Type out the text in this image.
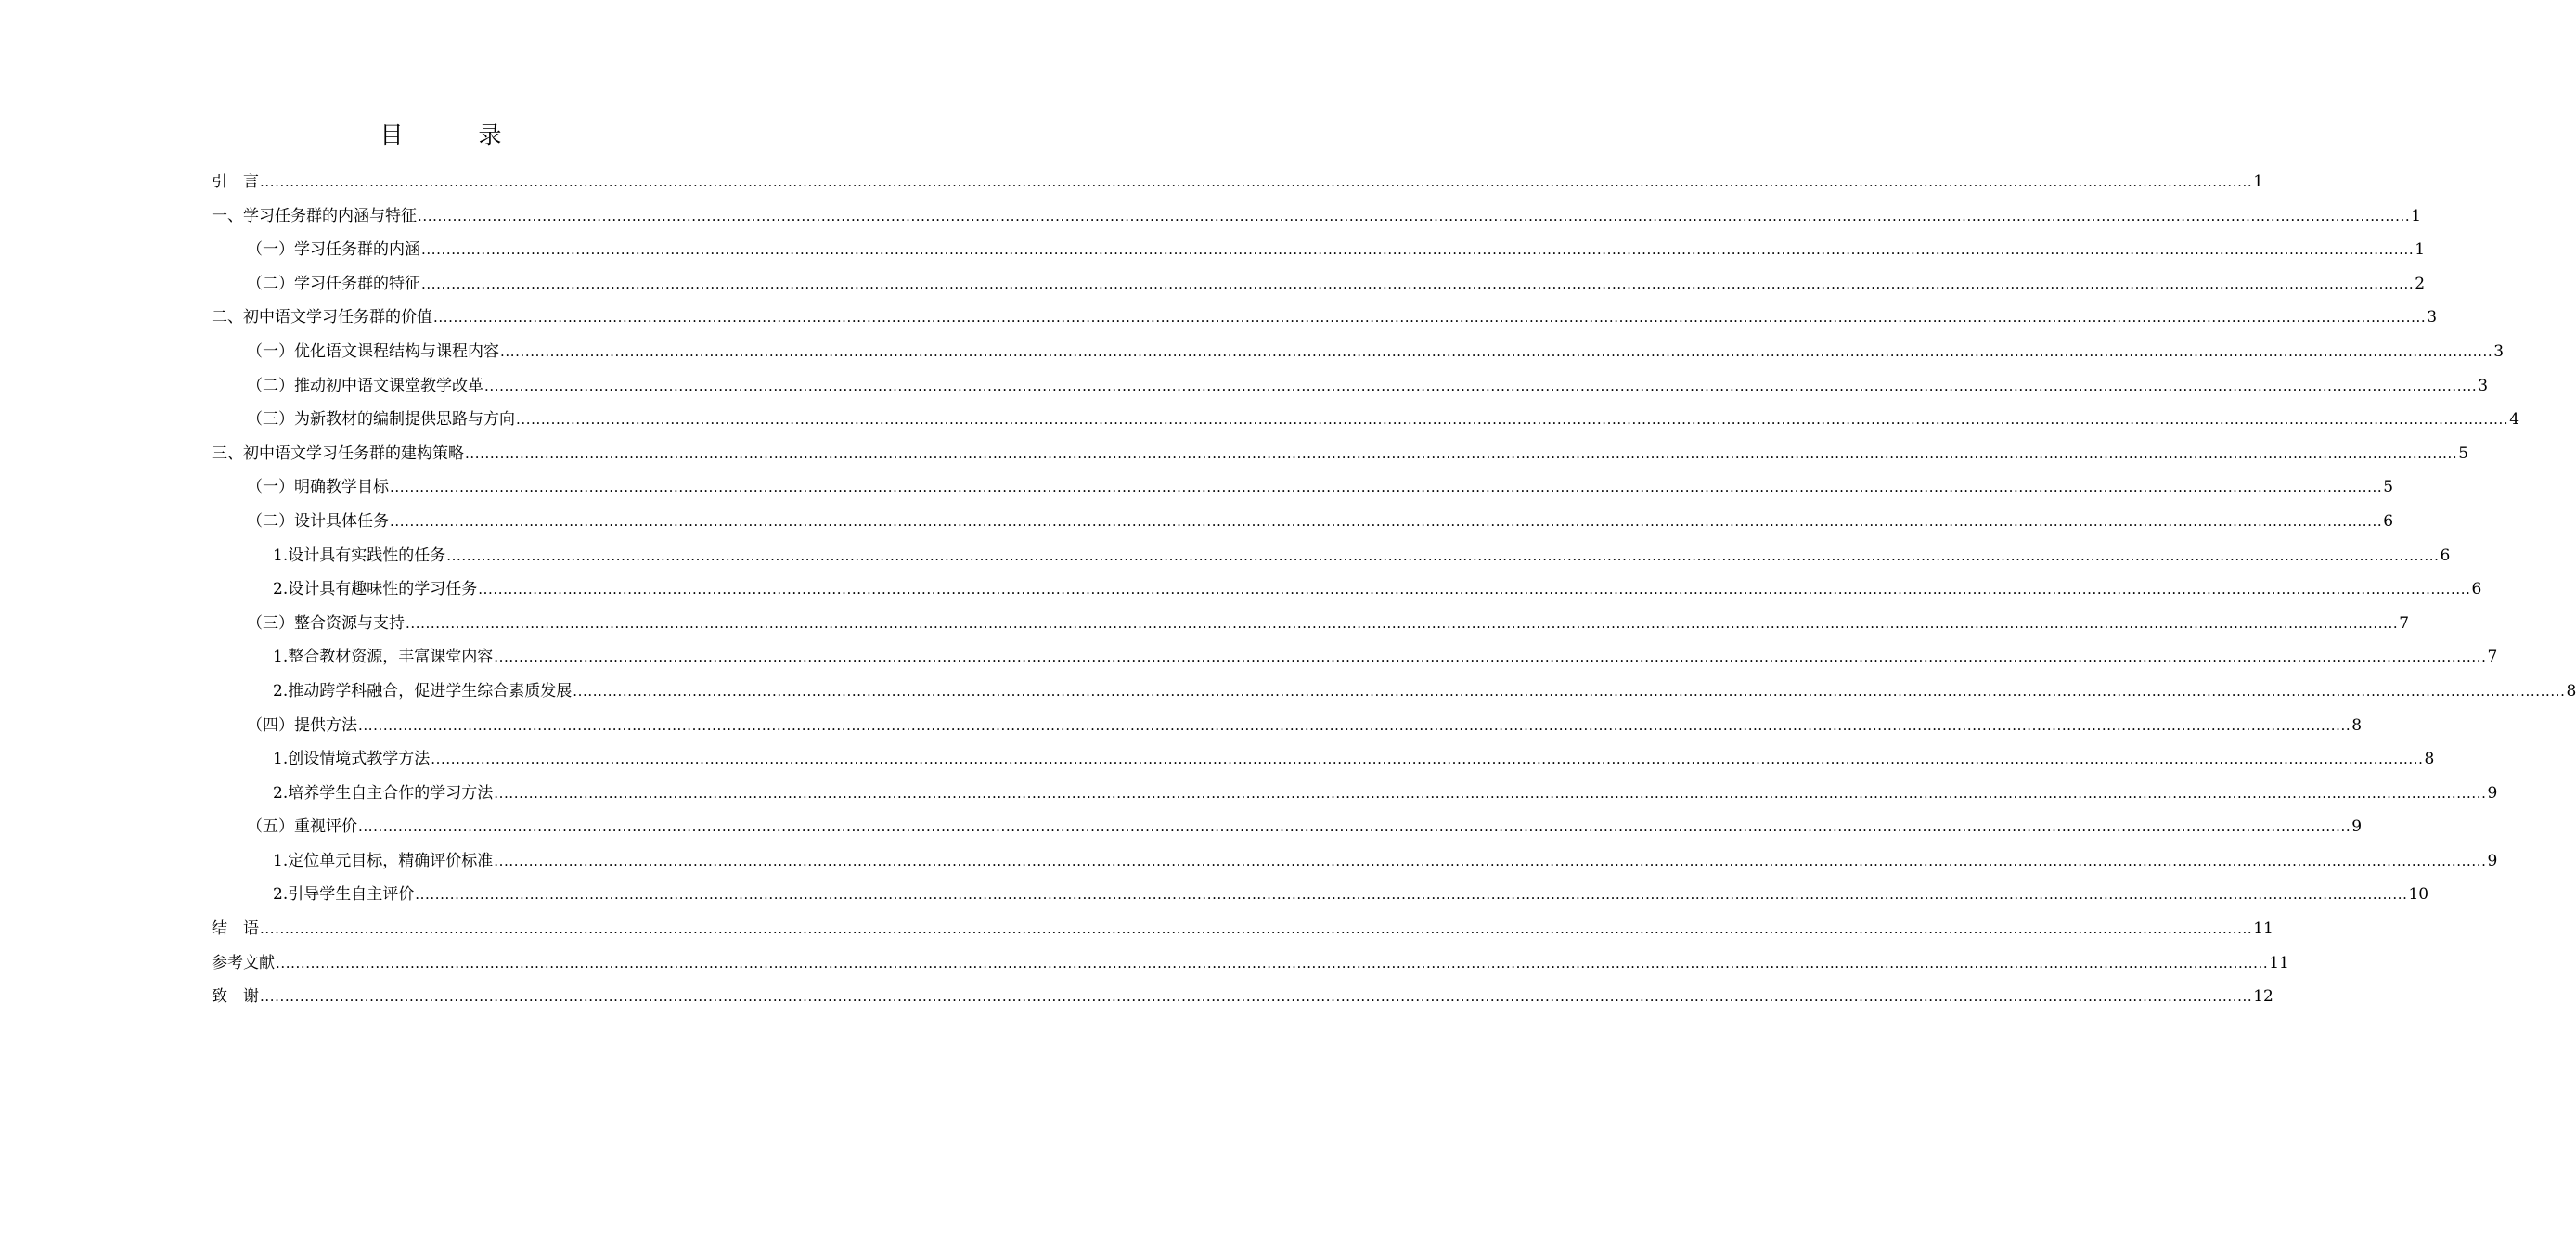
目　录
引　言 ................................................................................................................................................................................................................................................................................................................................................................................................................ 1
一、学习任务群的内涵与特征 ................................................................................................................................................................................................................................................................................................................................................................................................................ 1
（一）学习任务群的内涵 ................................................................................................................................................................................................................................................................................................................................................................................................................ 1
（二）学习任务群的特征 ................................................................................................................................................................................................................................................................................................................................................................................................................ 2
二、初中语文学习任务群的价值 ................................................................................................................................................................................................................................................................................................................................................................................................................ 3
（一）优化语文课程结构与课程内容 ................................................................................................................................................................................................................................................................................................................................................................................................................ 3
（二）推动初中语文课堂教学改革 ................................................................................................................................................................................................................................................................................................................................................................................................................ 3
（三）为新教材的编制提供思路与方向 ................................................................................................................................................................................................................................................................................................................................................................................................................ 4
三、初中语文学习任务群的建构策略 ................................................................................................................................................................................................................................................................................................................................................................................................................ 5
（一）明确教学目标 ................................................................................................................................................................................................................................................................................................................................................................................................................ 5
（二）设计具体任务 ................................................................................................................................................................................................................................................................................................................................................................................................................ 6
1.设计具有实践性的任务 ................................................................................................................................................................................................................................................................................................................................................................................................................ 6
2.设计具有趣味性的学习任务 ................................................................................................................................................................................................................................................................................................................................................................................................................ 6
（三）整合资源与支持 ................................................................................................................................................................................................................................................................................................................................................................................................................ 7
1.整合教材资源，丰富课堂内容 ................................................................................................................................................................................................................................................................................................................................................................................................................ 7
2.推动跨学科融合，促进学生综合素质发展 ................................................................................................................................................................................................................................................................................................................................................................................................................ 8
（四）提供方法 ................................................................................................................................................................................................................................................................................................................................................................................................................ 8
1.创设情境式教学方法 ................................................................................................................................................................................................................................................................................................................................................................................................................ 8
2.培养学生自主合作的学习方法 ................................................................................................................................................................................................................................................................................................................................................................................................................ 9
（五）重视评价 ................................................................................................................................................................................................................................................................................................................................................................................................................ 9
1.定位单元目标，精确评价标准 ................................................................................................................................................................................................................................................................................................................................................................................................................ 9
2.引导学生自主评价 ................................................................................................................................................................................................................................................................................................................................................................................................................ 10
结　语 ................................................................................................................................................................................................................................................................................................................................................................................................................ 11
参考文献 ................................................................................................................................................................................................................................................................................................................................................................................................................ 11
致　谢 ................................................................................................................................................................................................................................................................................................................................................................................................................ 12
